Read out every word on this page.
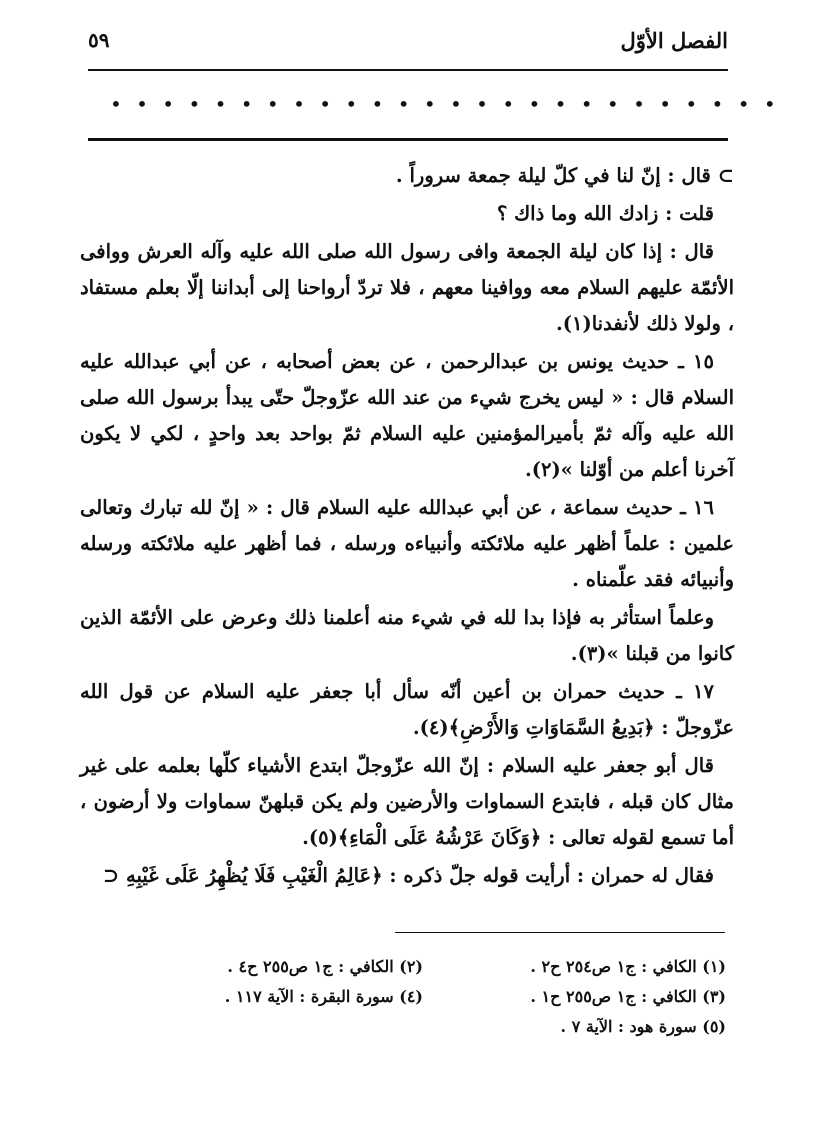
الفصل الأوّل
٥٩
• • • • • • • • • • • • • • • • • • • • • • • • • •

⊃ قال : إنّ لنا في كلّ ليلة جمعة سروراً .

قلت : زادك الله وما ذاك ؟

قال : إذا كان ليلة الجمعة وافى رسول الله صلى الله عليه وآله العرش ووافى الأئمّة عليهم السلام معه ووافينا معهم ، فلا تردّ أرواحنا إلى أبداننا إلّا بعلم مستفاد ، ولولا ذلك لأنفدنا(١).

١٥ ـ حديث يونس بن عبدالرحمن ، عن بعض أصحابه ، عن أبي عبدالله عليه السلام قال : « ليس يخرج شيء من عند الله عزّوجلّ حتّى يبدأ برسول الله صلى الله عليه وآله ثمّ بأميرالمؤمنين عليه السلام ثمّ بواحد بعد واحدٍ ، لكي لا يكون آخرنا أعلم من أوّلنا »(٢).

١٦ ـ حديث سماعة ، عن أبي عبدالله عليه السلام قال : « إنّ لله تبارك وتعالى علمين : علماً أظهر عليه ملائكته وأنبياءه ورسله ، فما أظهر عليه ملائكته ورسله وأنبيائه فقد علّمناه .

وعلماً استأثر به فإذا بدا لله في شيء منه أعلمنا ذلك وعرض على الأئمّة الذين كانوا من قبلنا »(٣).

١٧ ـ حديث حمران بن أعين أنّه سأل أبا جعفر عليه السلام عن قول الله عزّوجلّ : ﴿بَدِيعُ السَّمَاوَاتِ وَالأَرْضِ﴾(٤).

قال أبو جعفر عليه السلام : إنّ الله عزّوجلّ ابتدع الأشياء كلّها بعلمه على غير مثال كان قبله ، فابتدع السماوات والأرضين ولم يكن قبلهنّ سماوات ولا أرضون ، أما تسمع لقوله تعالى : ﴿وَكَانَ عَرْشُهُ عَلَى الْمَاءِ﴾(٥).

فقال له حمران : أرأيت قوله جلّ ذكره : ﴿عَالِمُ الْغَيْبِ فَلَا يُظْهِرُ عَلَى غَيْبِهِ ⊂

(١) الكافي : ج١ ص٢٥٤ ح٢ .
(٢) الكافي : ج١ ص٢٥٥ ح٤ .
(٣) الكافي : ج١ ص٢٥٥ ح١ .
(٤) سورة البقرة : الآية ١١٧ .
(٥) سورة هود : الآية ٧ .
